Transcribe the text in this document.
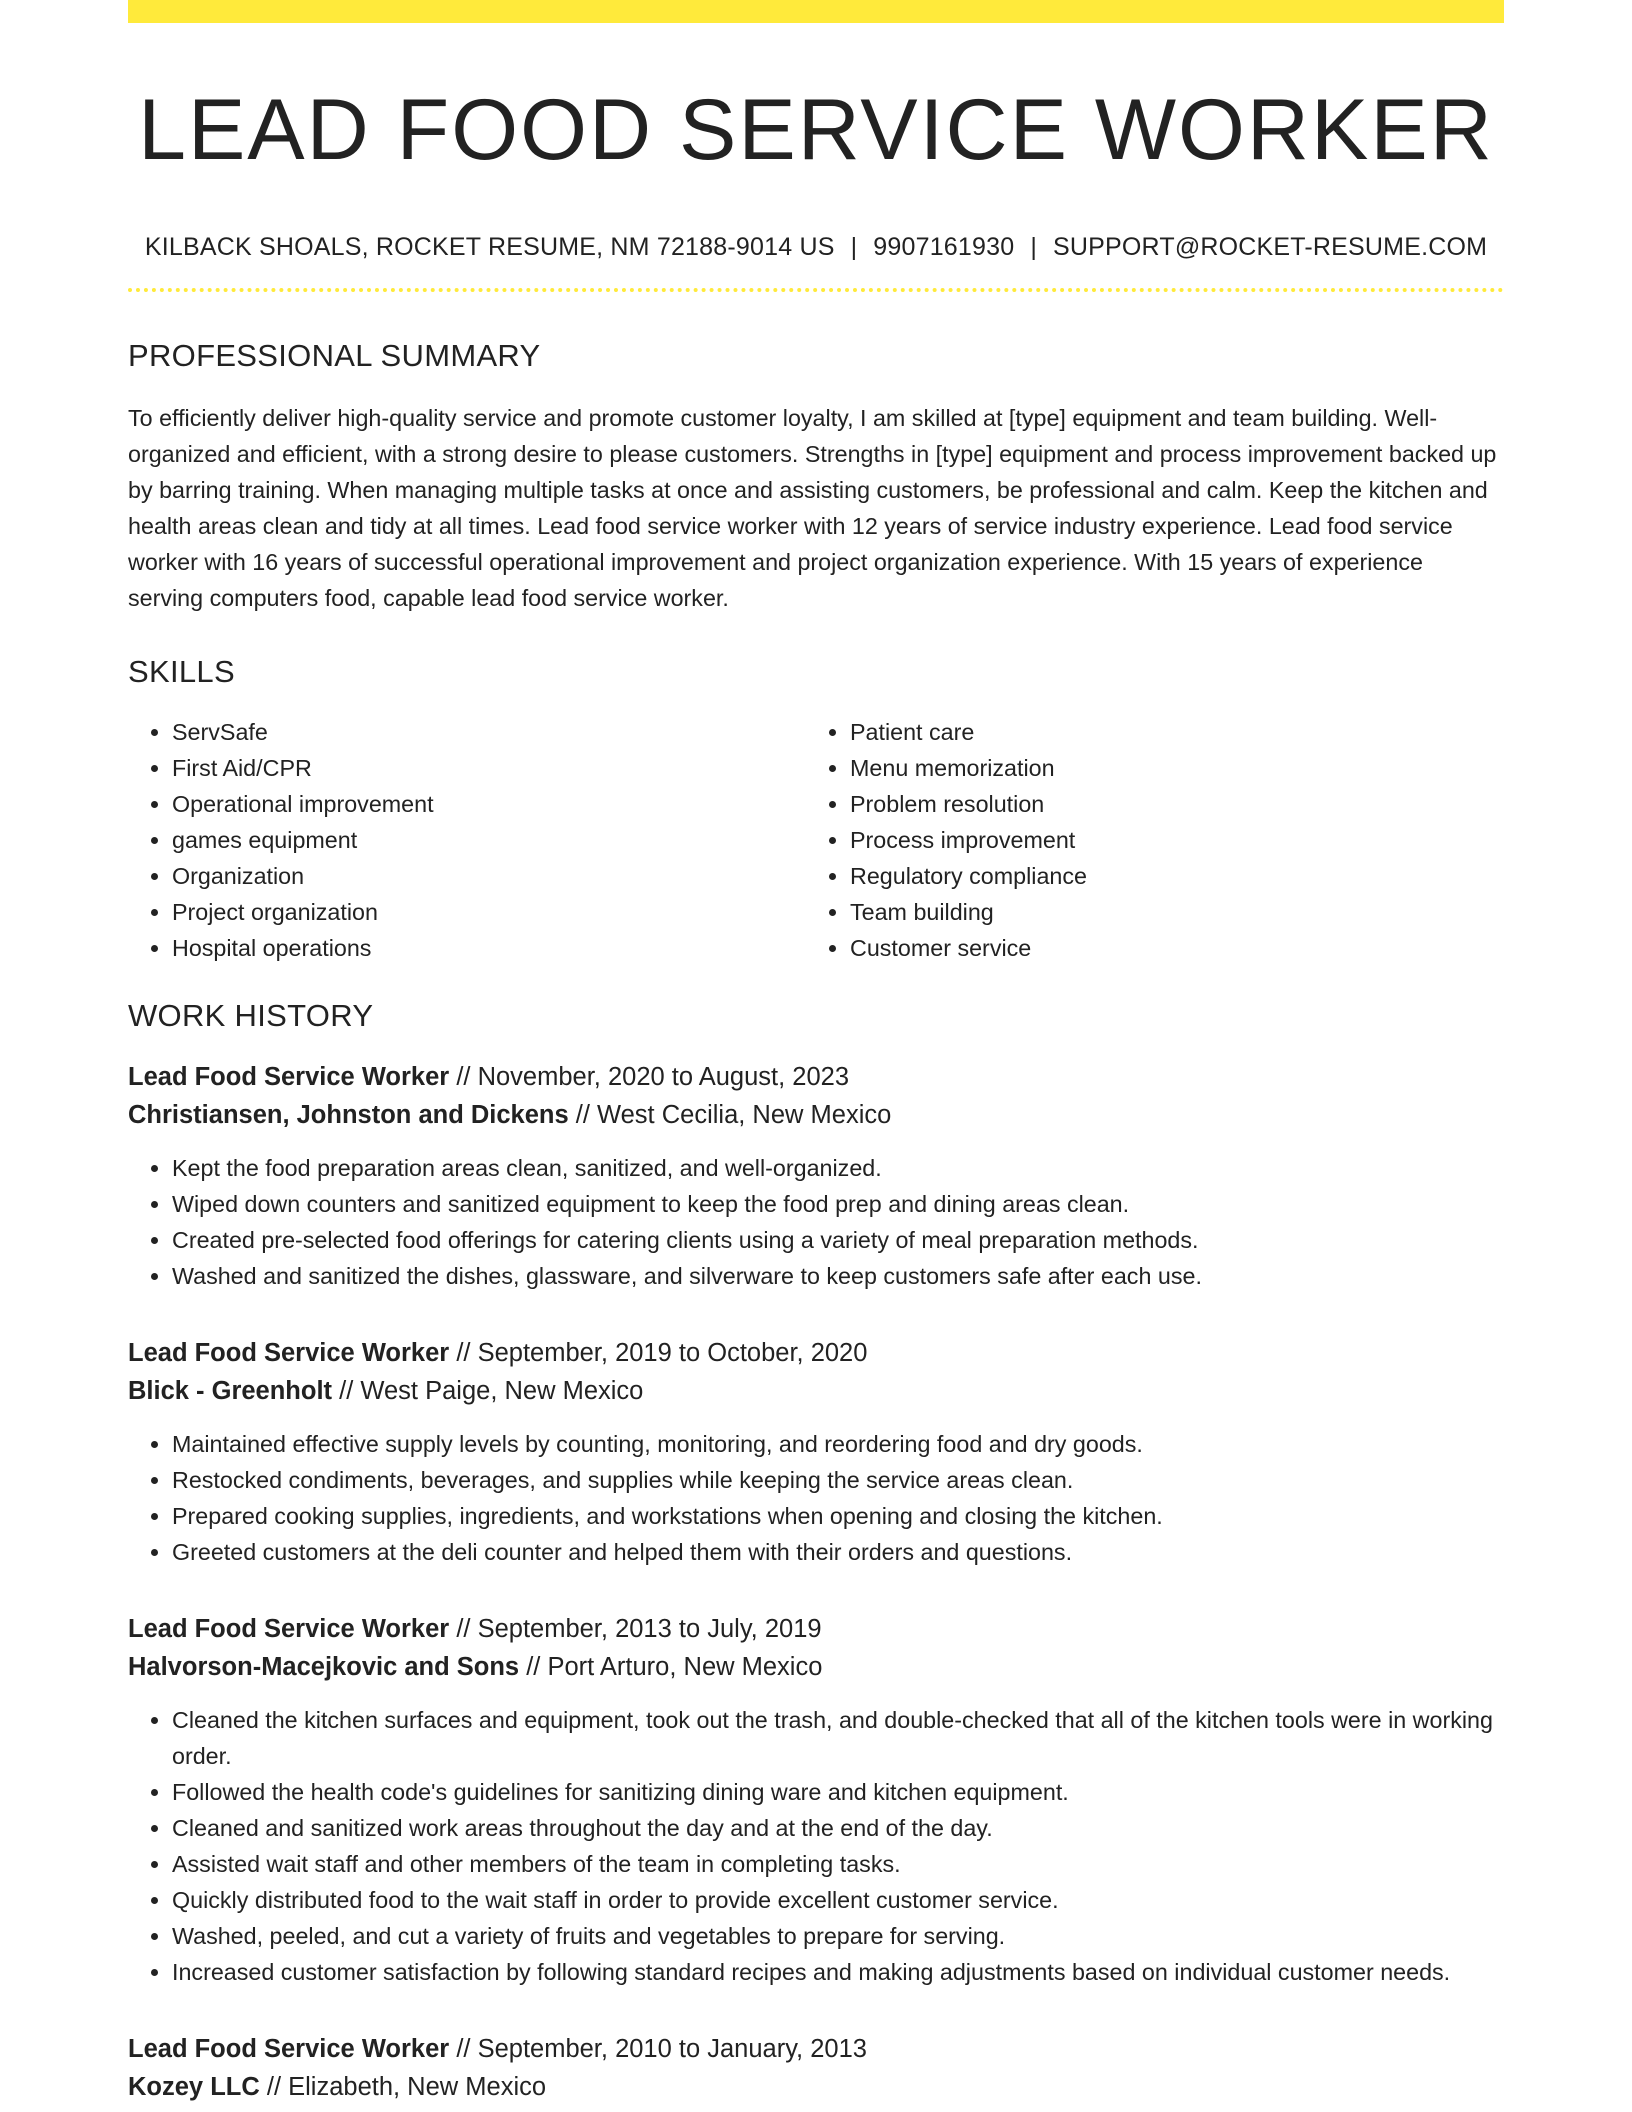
LEAD FOOD SERVICE WORKER
KILBACK SHOALS, ROCKET RESUME, NM 72188-9014 US | 9907161930 | SUPPORT@ROCKET-RESUME.COM
PROFESSIONAL SUMMARY
To efficiently deliver high-quality service and promote customer loyalty, I am skilled at [type] equipment and team building. Well-organized and efficient, with a strong desire to please customers. Strengths in [type] equipment and process improvement backed up by barring training. When managing multiple tasks at once and assisting customers, be professional and calm. Keep the kitchen and health areas clean and tidy at all times. Lead food service worker with 12 years of service industry experience. Lead food service worker with 16 years of successful operational improvement and project organization experience. With 15 years of experience serving computers food, capable lead food service worker.
SKILLS
• ServSafe
• First Aid/CPR
• Operational improvement
• games equipment
• Organization
• Project organization
• Hospital operations
• Patient care
• Menu memorization
• Problem resolution
• Process improvement
• Regulatory compliance
• Team building
• Customer service
WORK HISTORY
Lead Food Service Worker // November, 2020 to August, 2023
Christiansen, Johnston and Dickens // West Cecilia, New Mexico
• Kept the food preparation areas clean, sanitized, and well-organized.
• Wiped down counters and sanitized equipment to keep the food prep and dining areas clean.
• Created pre-selected food offerings for catering clients using a variety of meal preparation methods.
• Washed and sanitized the dishes, glassware, and silverware to keep customers safe after each use.
Lead Food Service Worker // September, 2019 to October, 2020
Blick - Greenholt // West Paige, New Mexico
• Maintained effective supply levels by counting, monitoring, and reordering food and dry goods.
• Restocked condiments, beverages, and supplies while keeping the service areas clean.
• Prepared cooking supplies, ingredients, and workstations when opening and closing the kitchen.
• Greeted customers at the deli counter and helped them with their orders and questions.
Lead Food Service Worker // September, 2013 to July, 2019
Halvorson-Macejkovic and Sons // Port Arturo, New Mexico
• Cleaned the kitchen surfaces and equipment, took out the trash, and double-checked that all of the kitchen tools were in working order.
• Followed the health code's guidelines for sanitizing dining ware and kitchen equipment.
• Cleaned and sanitized work areas throughout the day and at the end of the day.
• Assisted wait staff and other members of the team in completing tasks.
• Quickly distributed food to the wait staff in order to provide excellent customer service.
• Washed, peeled, and cut a variety of fruits and vegetables to prepare for serving.
• Increased customer satisfaction by following standard recipes and making adjustments based on individual customer needs.
Lead Food Service Worker // September, 2010 to January, 2013
Kozey LLC // Elizabeth, New Mexico
